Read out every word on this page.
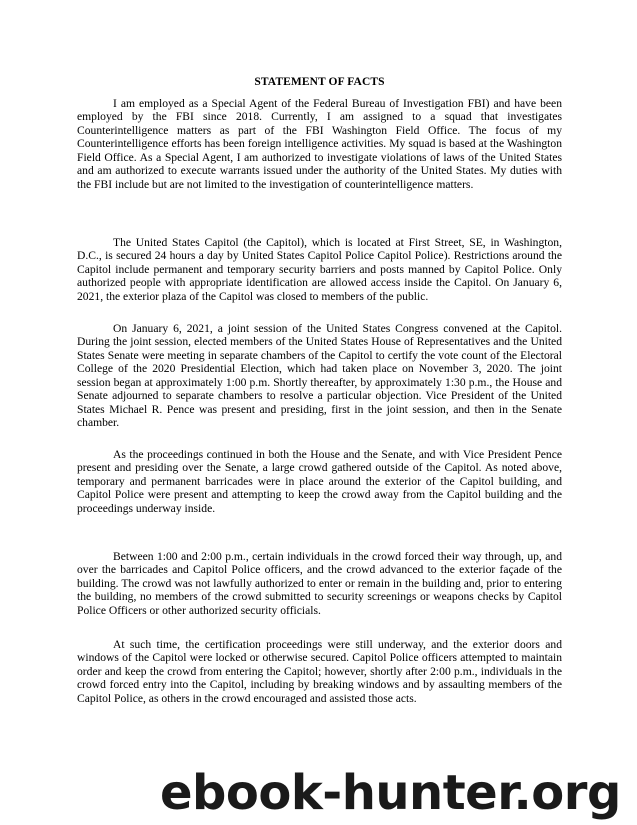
STATEMENT OF FACTS

I am employed as a Special Agent of the Federal Bureau of Investigation FBI) and have been employed by the FBI since 2018. Currently, I am assigned to a squad that investigates Counterintelligence matters as part of the FBI Washington Field Office. The focus of my Counterintelligence efforts has been foreign intelligence activities. My squad is based at the Washington Field Office. As a Special Agent, I am authorized to investigate violations of laws of the United States and am authorized to execute warrants issued under the authority of the United States. My duties with the FBI include but are not limited to the investigation of counterintelligence matters.

The United States Capitol (the Capitol), which is located at First Street, SE, in Washington, D.C., is secured 24 hours a day by United States Capitol Police Capitol Police). Restrictions around the Capitol include permanent and temporary security barriers and posts manned by Capitol Police. Only authorized people with appropriate identification are allowed access inside the Capitol. On January 6, 2021, the exterior plaza of the Capitol was closed to members of the public.

On January 6, 2021, a joint session of the United States Congress convened at the Capitol. During the joint session, elected members of the United States House of Representatives and the United States Senate were meeting in separate chambers of the Capitol to certify the vote count of the Electoral College of the 2020 Presidential Election, which had taken place on November 3, 2020. The joint session began at approximately 1:00 p.m. Shortly thereafter, by approximately 1:30 p.m., the House and Senate adjourned to separate chambers to resolve a particular objection. Vice President of the United States Michael R. Pence was present and presiding, first in the joint session, and then in the Senate chamber.

As the proceedings continued in both the House and the Senate, and with Vice President Pence present and presiding over the Senate, a large crowd gathered outside of the Capitol. As noted above, temporary and permanent barricades were in place around the exterior of the Capitol building, and Capitol Police were present and attempting to keep the crowd away from the Capitol building and the proceedings underway inside.

Between 1:00 and 2:00 p.m., certain individuals in the crowd forced their way through, up, and over the barricades and Capitol Police officers, and the crowd advanced to the exterior façade of the building. The crowd was not lawfully authorized to enter or remain in the building and, prior to entering the building, no members of the crowd submitted to security screenings or weapons checks by Capitol Police Officers or other authorized security officials.

At such time, the certification proceedings were still underway, and the exterior doors and windows of the Capitol were locked or otherwise secured. Capitol Police officers attempted to maintain order and keep the crowd from entering the Capitol; however, shortly after 2:00 p.m., individuals in the crowd forced entry into the Capitol, including by breaking windows and by assaulting members of the Capitol Police, as others in the crowd encouraged and assisted those acts.

ebook-hunter.org
